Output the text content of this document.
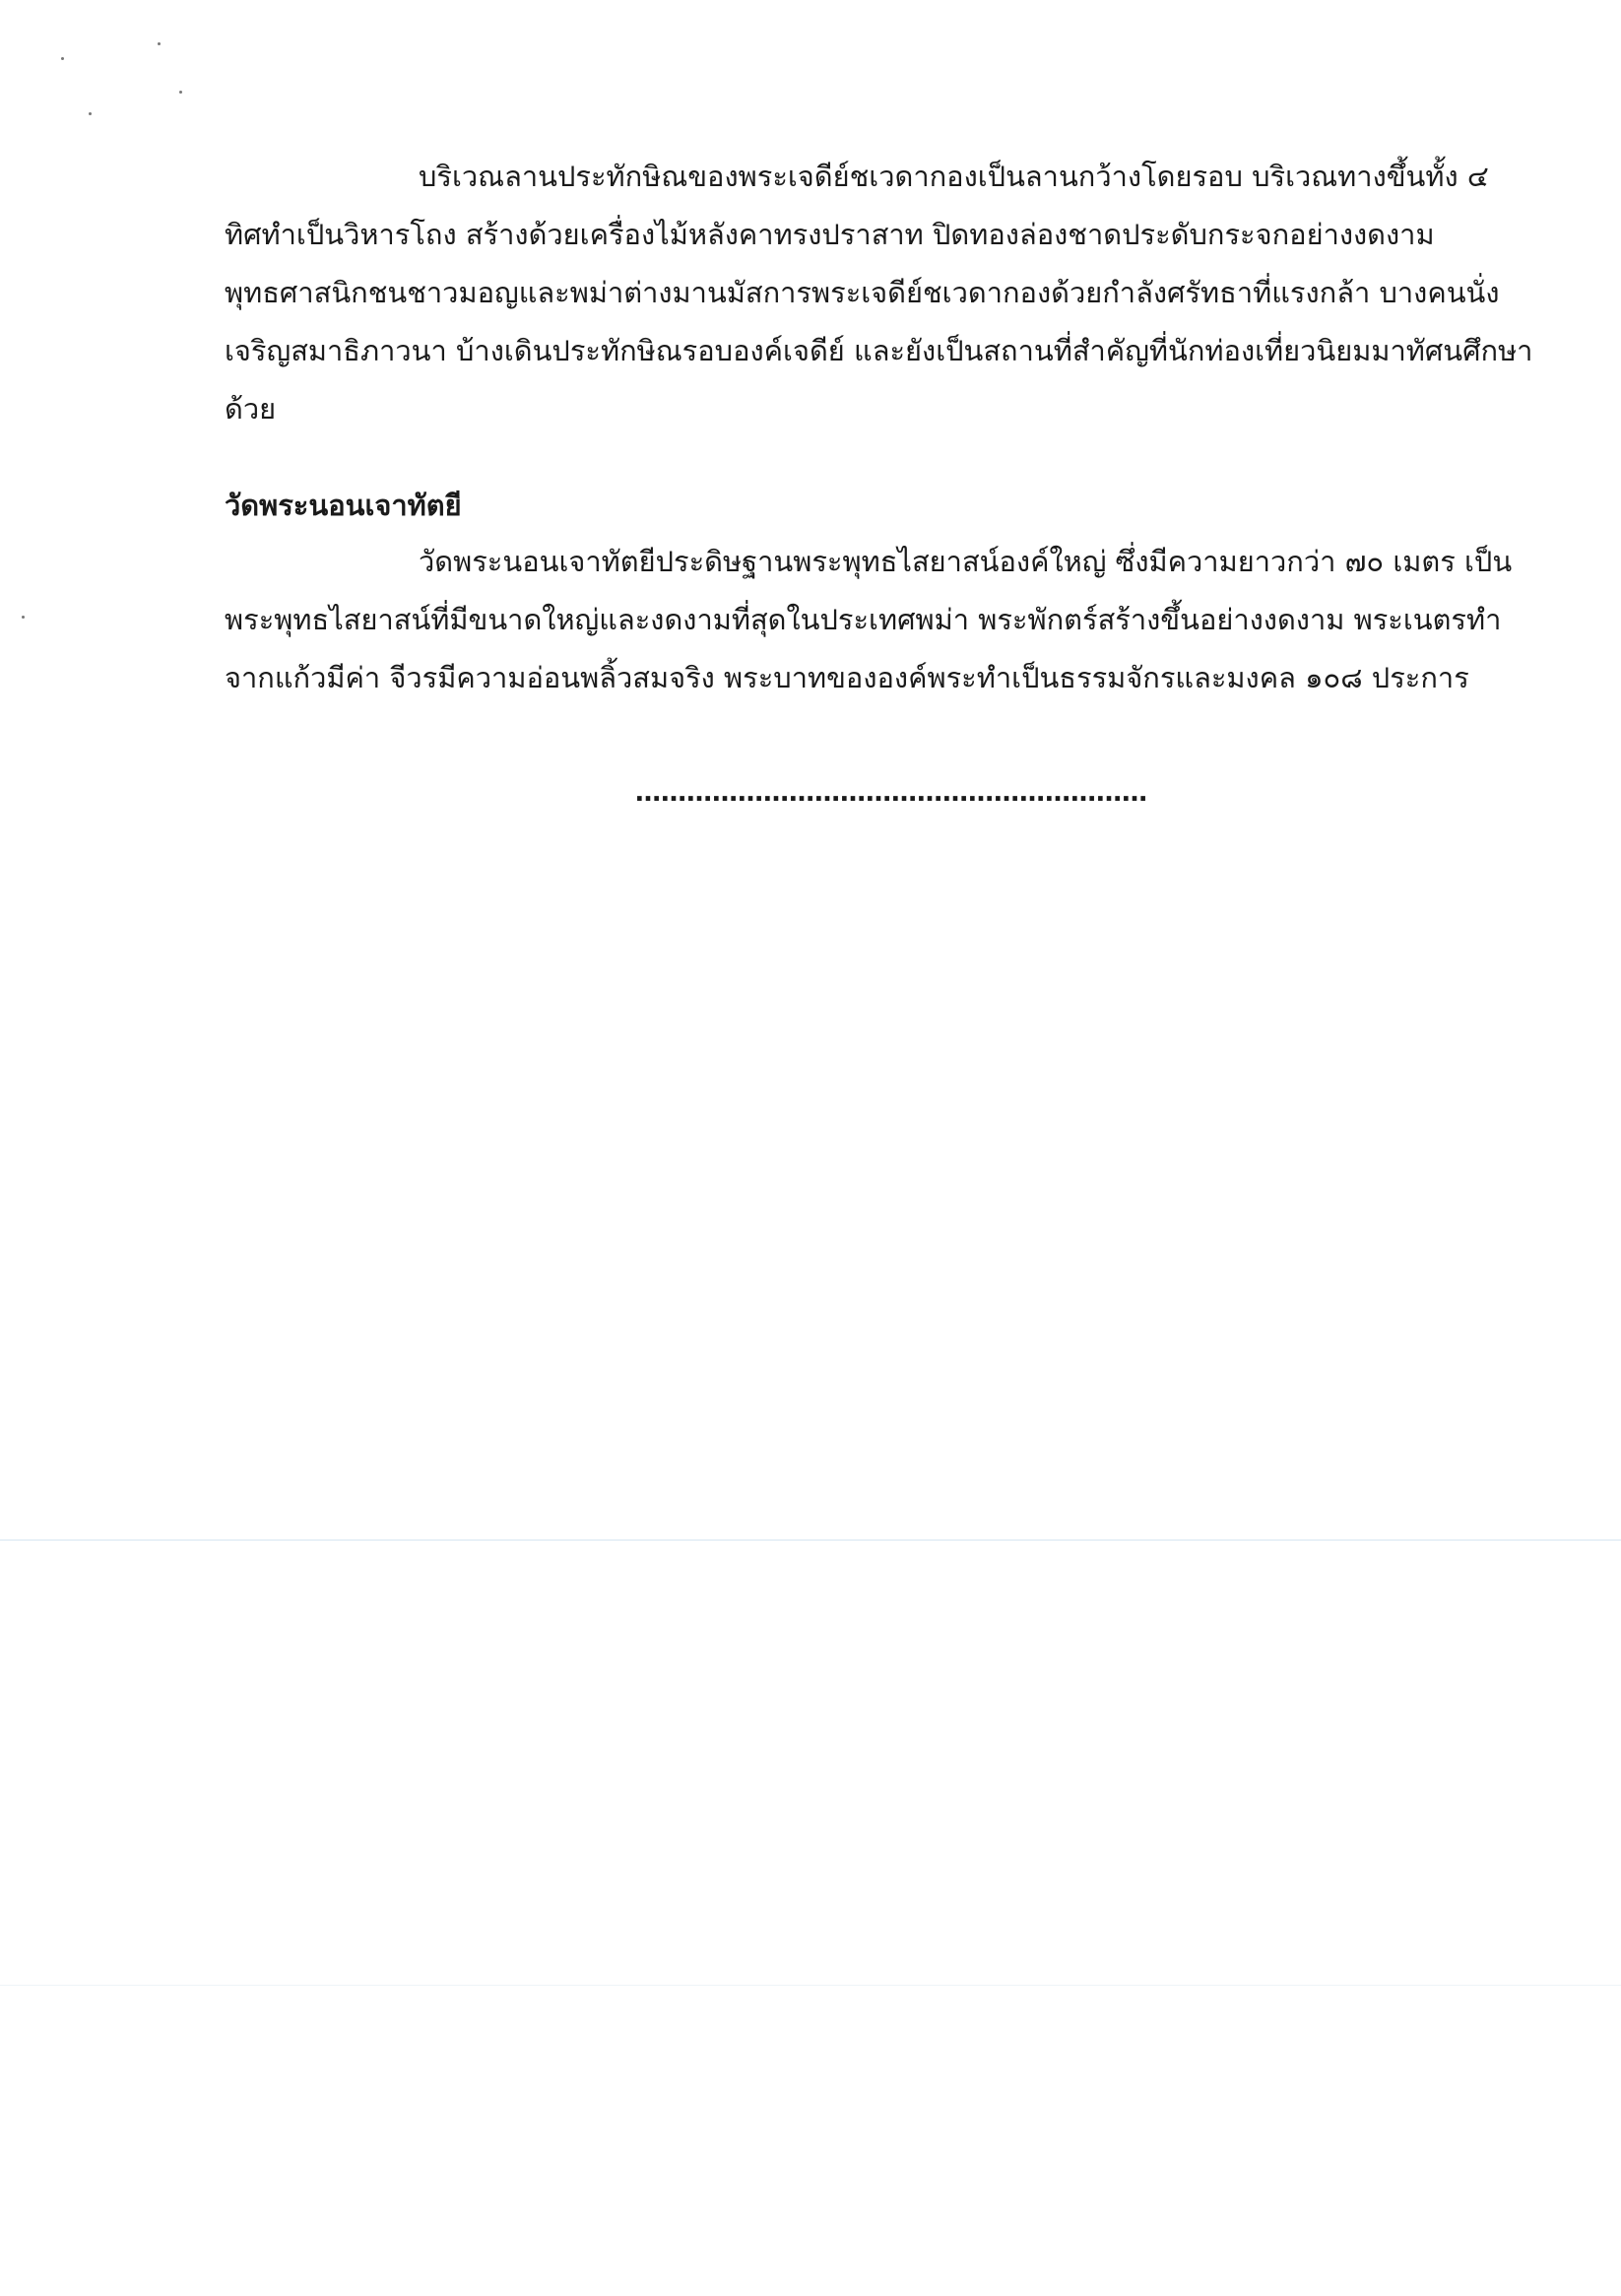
บริเวณลานประทักษิณของพระเจดีย์ชเวดากองเป็นลานกว้างโดยรอบ บริเวณทางขึ้นทั้ง ๔
ทิศทำเป็นวิหารโถง สร้างด้วยเครื่องไม้หลังคาทรงปราสาท ปิดทองล่องชาดประดับกระจกอย่างงดงาม
พุทธศาสนิกชนชาวมอญและพม่าต่างมานมัสการพระเจดีย์ชเวดากองด้วยกำลังศรัทธาที่แรงกล้า บางคนนั่ง
เจริญสมาธิภาวนา บ้างเดินประทักษิณรอบองค์เจดีย์ และยังเป็นสถานที่สำคัญที่นักท่องเที่ยวนิยมมาทัศนศึกษา
ด้วย
วัดพระนอนเจาทัตยี
วัดพระนอนเจาทัตยีประดิษฐานพระพุทธไสยาสน์องค์ใหญ่ ซึ่งมีความยาวกว่า ๗๐ เมตร เป็น
พระพุทธไสยาสน์ที่มีขนาดใหญ่และงดงามที่สุดในประเทศพม่า พระพักตร์สร้างขึ้นอย่างงดงาม พระเนตรทำ
จากแก้วมีค่า จีวรมีความอ่อนพลิ้วสมจริง พระบาทขององค์พระทำเป็นธรรมจักรและมงคล ๑๐๘ ประการ
……………………………………………………
